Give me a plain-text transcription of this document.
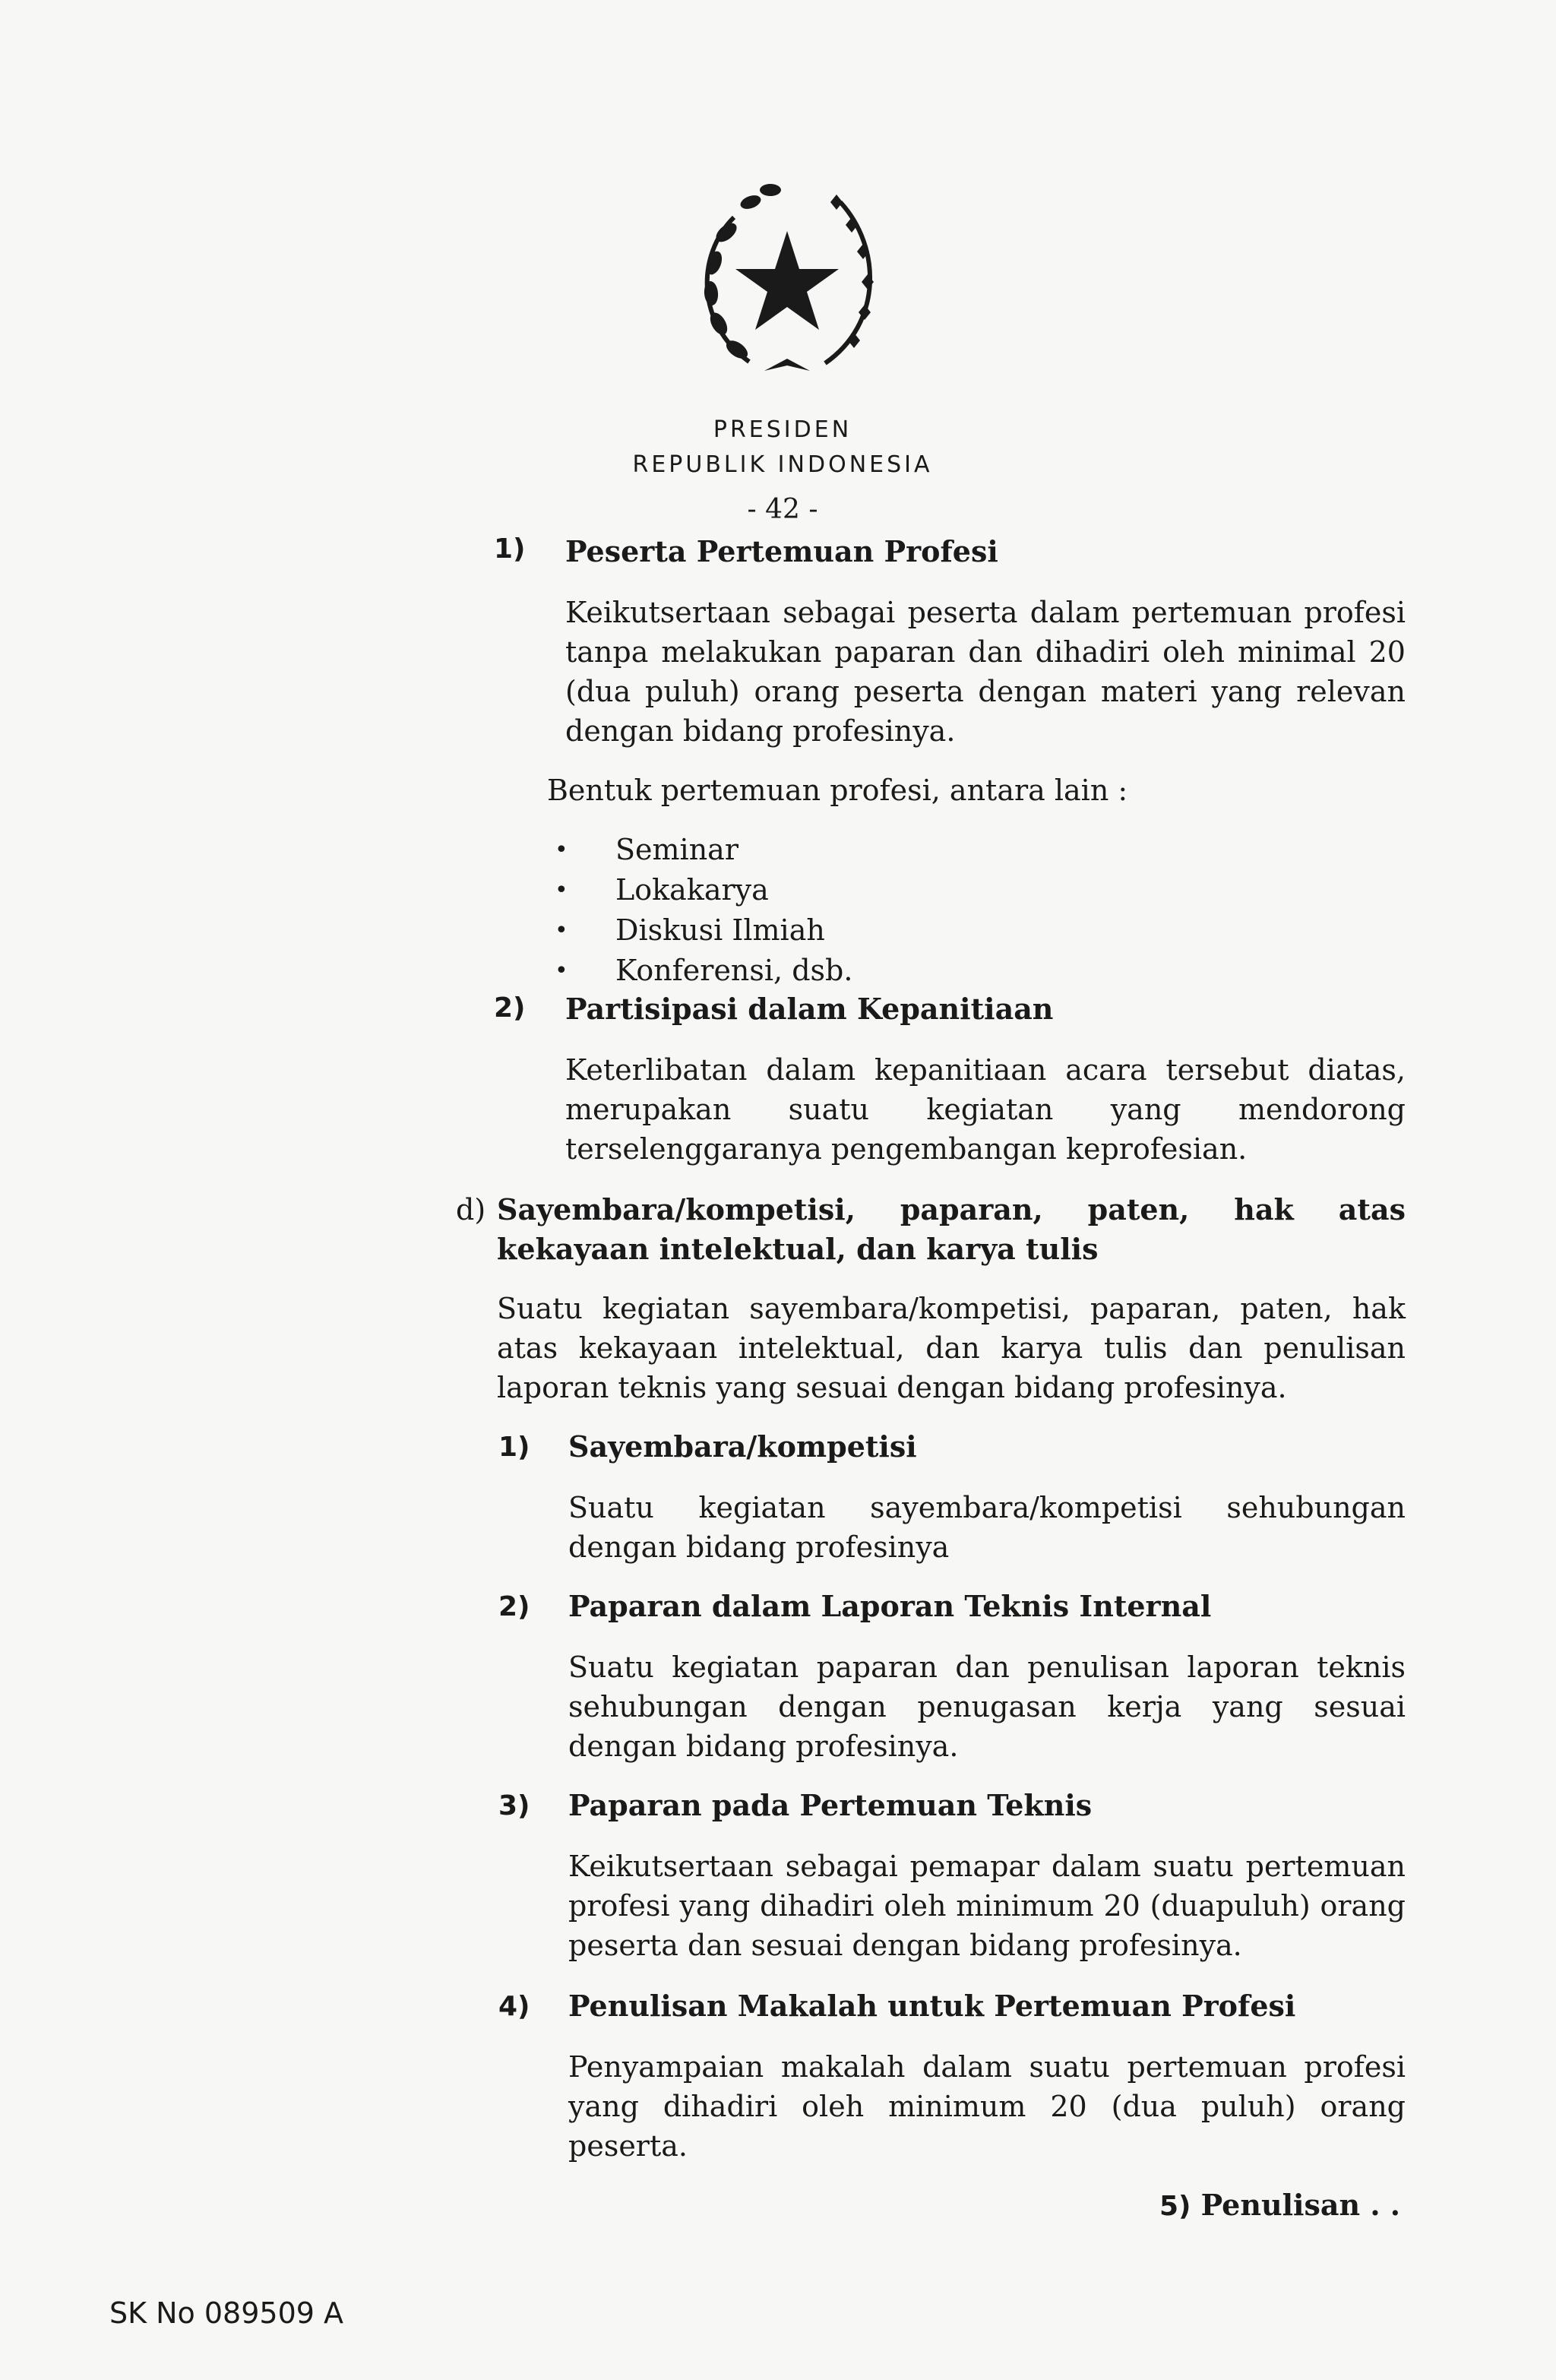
PRESIDEN
REPUBLIK INDONESIA
- 42 -
1) Peserta Pertemuan Profesi

Keikutsertaan sebagai peserta dalam pertemuan profesi tanpa melakukan paparan dan dihadiri oleh minimal 20 (dua puluh) orang peserta dengan materi yang relevan dengan bidang profesinya.

Bentuk pertemuan profesi, antara lain :

• Seminar
• Lokakarya
• Diskusi Ilmiah
• Konferensi, dsb.
2) Partisipasi dalam Kepanitiaan

Keterlibatan dalam kepanitiaan acara tersebut diatas,

merupakan suatu kegiatan yang mendorong

terselenggaranya pengembangan keprofesian.

d) Sayembara/kompetisi, paparan, paten, hak atas

kekayaan intelektual, dan karya tulis

Suatu kegiatan sayembara/kompetisi, paparan, paten, hak atas kekayaan intelektual, dan karya tulis dan penulisan laporan teknis yang sesuai dengan bidang profesinya.

1) Sayembara/kompetisi

Suatu kegiatan sayembara/kompetisi sehubungan dengan bidang profesinya

2) Paparan dalam Laporan Teknis Internal

Suatu kegiatan paparan dan penulisan laporan teknis sehubungan dengan penugasan kerja yang sesuai dengan bidang profesinya.

3) Paparan pada Pertemuan Teknis

Keikutsertaan sebagai pemapar dalam suatu pertemuan profesi yang dihadiri oleh minimum 20 (duapuluh) orang peserta dan sesuai dengan bidang profesinya.

4) Penulisan Makalah untuk Pertemuan Profesi

Penyampaian makalah dalam suatu pertemuan profesi yang dihadiri oleh minimum 20 (dua puluh) orang peserta.

5) Penulisan . .
SK No 089509 A
